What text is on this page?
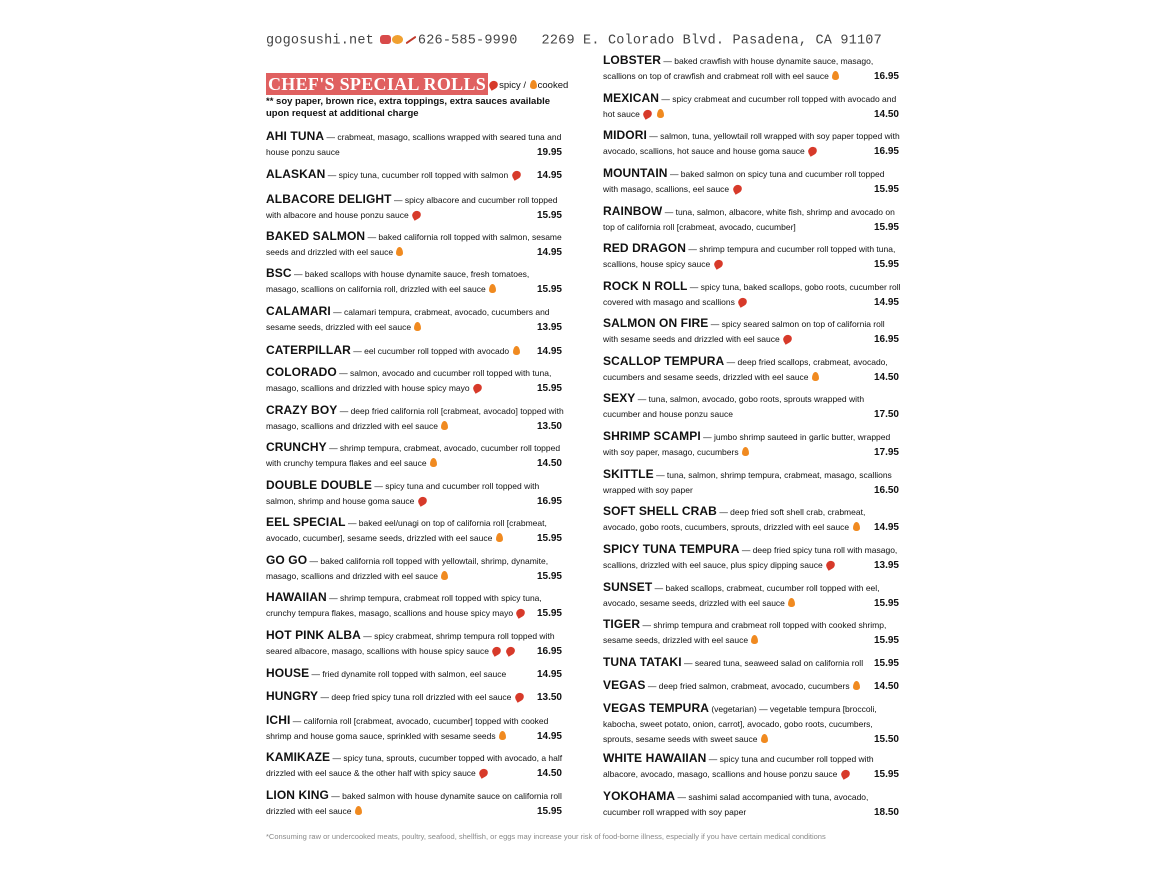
gogosushi.net	626-585-9990 2269 E. Colorado Blvd. Pasadena, CA 91107
CHEF'S SPECIAL ROLLS spicy / cooked
** soy paper, brown rice, extra toppings, extra sauces available upon request at additional charge
AHI TUNA — crabmeat, masago, scallions wrapped with seared tuna and house ponzu sauce	19.95
ALASKAN — spicy tuna, cucumber roll topped with salmon	14.95
ALBACORE DELIGHT — spicy albacore and cucumber roll topped with albacore and house ponzu sauce	15.95
BAKED SALMON — baked california roll topped with salmon, sesame seeds and drizzled with eel sauce	14.95
BSC — baked scallops with house dynamite sauce, fresh tomatoes, masago, scallions on california roll, drizzled with eel sauce	15.95
CALAMARI — calamari tempura, crabmeat, avocado, cucumbers and sesame seeds, drizzled with eel sauce	13.95
CATERPILLAR — eel cucumber roll topped with avocado	14.95
COLORADO — salmon, avocado and cucumber roll topped with tuna, masago, scallions and drizzled with house spicy mayo	15.95
CRAZY BOY — deep fried california roll [crabmeat, avocado] topped with masago, scallions and drizzled with eel sauce	13.50
CRUNCHY — shrimp tempura, crabmeat, avocado, cucumber roll topped with crunchy tempura flakes and eel sauce	14.50
DOUBLE DOUBLE — spicy tuna and cucumber roll topped with salmon, shrimp and house goma sauce	16.95
EEL SPECIAL — baked eel/unagi on top of california roll [crabmeat, avocado, cucumber], sesame seeds, drizzled with eel sauce	15.95
GO GO — baked california roll topped with yellowtail, shrimp, dynamite, masago, scallions and drizzled with eel sauce	15.95
HAWAIIAN — shrimp tempura, crabmeat roll topped with spicy tuna, crunchy tempura flakes, masago, scallions and house spicy mayo 15.95
HOT PINK ALBA — spicy crabmeat, shrimp tempura roll topped with seared albacore, masago, scallions with house spicy sauce	16.95
HOUSE — fried dynamite roll topped with salmon, eel sauce	14.95
HUNGRY — deep fried spicy tuna roll drizzled with eel sauce	13.50
ICHI — california roll [crabmeat, avocado, cucumber] topped with cooked shrimp and house goma sauce, sprinkled with sesame seeds	14.95
KAMIKAZE — spicy tuna, sprouts, cucumber topped with avocado, a half drizzled with eel sauce & the other half with spicy sauce	14.50
LION KING — baked salmon with house dynamite sauce on california roll drizzled with eel sauce	15.95
LOBSTER — baked crawfish with house dynamite sauce, masago, scallions on top of crawfish and crabmeat roll with eel sauce	16.95
MEXICAN — spicy crabmeat and cucumber roll topped with avocado and hot sauce	14.50
MIDORI — salmon, tuna, yellowtail roll wrapped with soy paper topped with avocado, scallions, hot sauce and house goma sauce	16.95
MOUNTAIN — baked salmon on spicy tuna and cucumber roll topped with masago, scallions, eel sauce	15.95
RAINBOW — tuna, salmon, albacore, white fish, shrimp and avocado on top of california roll [crabmeat, avocado, cucumber]	15.95
RED DRAGON — shrimp tempura and cucumber roll topped with tuna, scallions, house spicy sauce	15.95
ROCK N ROLL — spicy tuna, baked scallops, gobo roots, cucumber roll covered with masago and scallions	14.95
SALMON ON FIRE — spicy seared salmon on top of california roll with sesame seeds and drizzled with eel sauce	16.95
SCALLOP TEMPURA — deep fried scallops, crabmeat, avocado, cucumbers and sesame seeds, drizzled with eel sauce	14.50
SEXY — tuna, salmon, avocado, gobo roots, sprouts wrapped with cucumber and house ponzu sauce	17.50
SHRIMP SCAMPI — jumbo shrimp sauteed in garlic butter, wrapped with soy paper, masago, cucumbers	17.95
SKITTLE — tuna, salmon, shrimp tempura, crabmeat, masago, scallions wrapped with soy paper	16.50
SOFT SHELL CRAB — deep fried soft shell crab, crabmeat, avocado, gobo roots, cucumbers, sprouts, drizzled with eel sauce 14.95
SPICY TUNA TEMPURA — deep fried spicy tuna roll with masago, scallions, drizzled with eel sauce, plus spicy dipping sauce	13.95
SUNSET — baked scallops, crabmeat, cucumber roll topped with eel, avocado, sesame seeds, drizzled with eel sauce	15.95
TIGER — shrimp tempura and crabmeat roll topped with cooked shrimp, sesame seeds, drizzled with eel sauce	15.95
TUNA TATAKI — seared tuna, seaweed salad on california roll 15.95
VEGAS — deep fried salmon, crabmeat, avocado, cucumbers 14.50
VEGAS TEMPURA (vegetarian) — vegetable tempura [broccoli, kabocha, sweet potato, onion, carrot], avocado, gobo roots, cucumbers, sprouts, sesame seeds with sweet sauce	15.50
WHITE HAWAIIAN — spicy tuna and cucumber roll topped with albacore, avocado, masago, scallions and house ponzu sauce	15.95
YOKOHAMA — sashimi salad accompanied with tuna, avocado, cucumber roll wrapped with soy paper	18.50
*Consuming raw or undercooked meats, poultry, seafood, shellfish, or eggs may increase your risk of food-borne illness, especially if you have certain medical conditions
